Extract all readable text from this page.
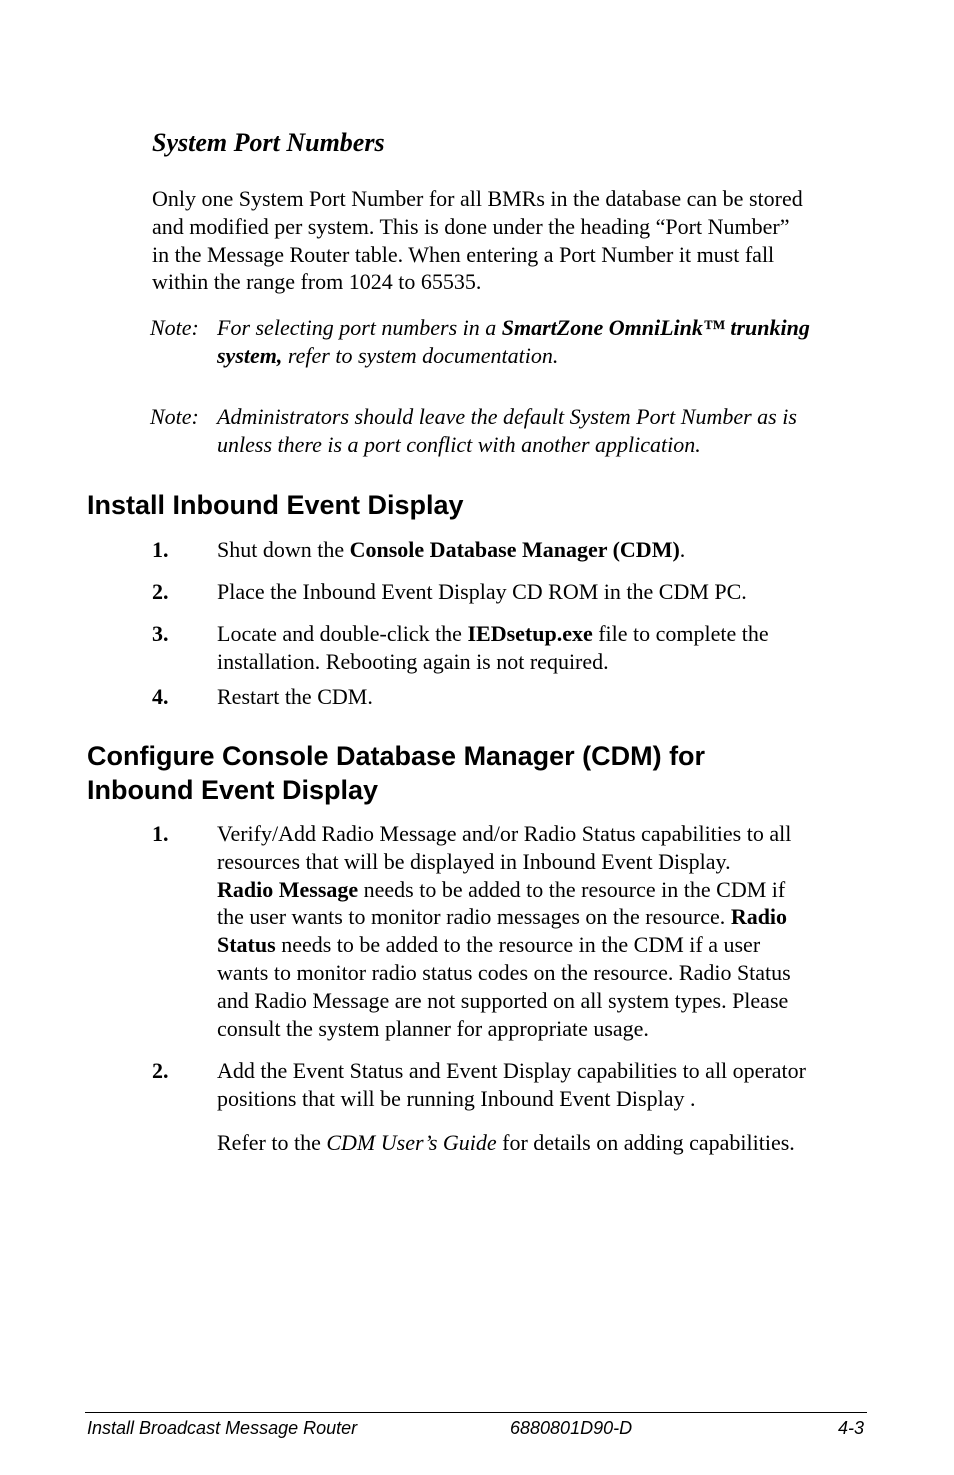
System Port Numbers
Only one System Port Number for all BMRs in the database can be stored
and modified per system. This is done under the heading “Port Number”
in the Message Router table. When entering a Port Number it must fall
within the range from 1024 to 65535.
Note: For selecting port numbers in a SmartZone OmniLink™ trunking
system, refer to system documentation.
Note: Administrators should leave the default System Port Number as is
unless there is a port conflict with another application.
Install Inbound Event Display
1. Shut down the Console Database Manager (CDM).
2. Place the Inbound Event Display CD ROM in the CDM PC.
3. Locate and double-click the IEDsetup.exe file to complete the
installation. Rebooting again is not required.
4. Restart the CDM.
Configure Console Database Manager (CDM) for
Inbound Event Display
1. Verify/Add Radio Message and/or Radio Status capabilities to all
resources that will be displayed in Inbound Event Display.
Radio Message needs to be added to the resource in the CDM if
the user wants to monitor radio messages on the resource. Radio
Status needs to be added to the resource in the CDM if a user
wants to monitor radio status codes on the resource. Radio Status
and Radio Message are not supported on all system types. Please
consult the system planner for appropriate usage.
2. Add the Event Status and Event Display capabilities to all operator
positions that will be running Inbound Event Display .
Refer to the CDM User’s Guide for details on adding capabilities.
Install Broadcast Message Router	6880801D90-D	4-3
